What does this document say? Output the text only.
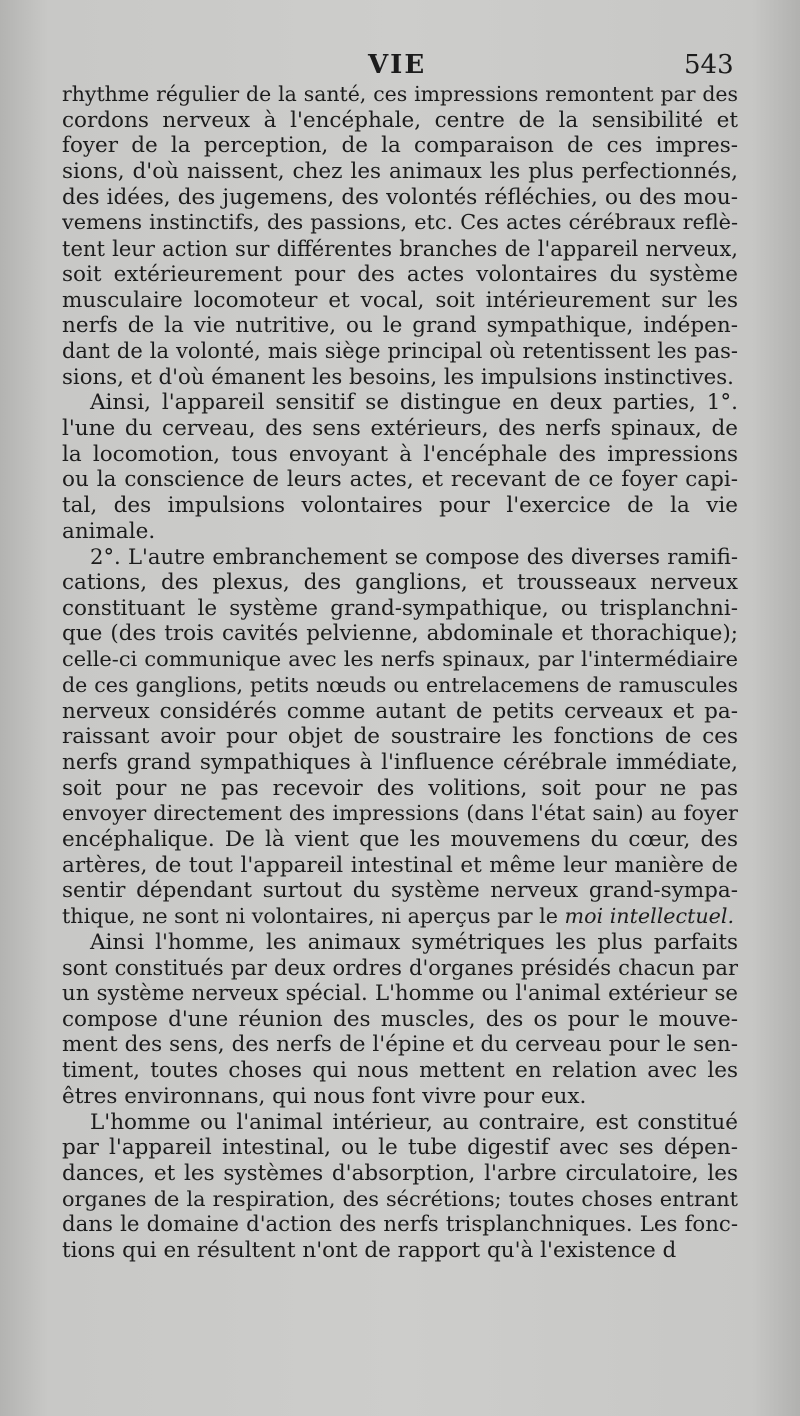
VIE	543
rhythme régulier de la santé, ces impressions remontent par des
cordons nerveux à l'encéphale, centre de la sensibilité et
foyer de la perception, de la comparaison de ces impres-
sions, d'où naissent, chez les animaux les plus perfectionnés,
des idées, des jugemens, des volontés réfléchies, ou des mou-
vemens instinctifs, des passions, etc. Ces actes cérébraux reflè-
tent leur action sur différentes branches de l'appareil nerveux,
soit extérieurement pour des actes volontaires du système
musculaire locomoteur et vocal, soit intérieurement sur les
nerfs de la vie nutritive, ou le grand sympathique, indépen-
dant de la volonté, mais siège principal où retentissent les pas-
sions, et d'où émanent les besoins, les impulsions instinctives.
Ainsi, l'appareil sensitif se distingue en deux parties, 1°.
l'une du cerveau, des sens extérieurs, des nerfs spinaux, de
la locomotion, tous envoyant à l'encéphale des impressions
ou la conscience de leurs actes, et recevant de ce foyer capi-
tal, des impulsions volontaires pour l'exercice de la vie
animale.
2°. L'autre embranchement se compose des diverses ramifi-
cations, des plexus, des ganglions, et trousseaux nerveux
constituant le système grand-sympathique, ou trisplanchni-
que (des trois cavités pelvienne, abdominale et thorachique);
celle-ci communique avec les nerfs spinaux, par l'intermédiaire
de ces ganglions, petits nœuds ou entrelacemens de ramuscules
nerveux considérés comme autant de petits cerveaux et pa-
raissant avoir pour objet de soustraire les fonctions de ces
nerfs grand sympathiques à l'influence cérébrale immédiate,
soit pour ne pas recevoir des volitions, soit pour ne pas
envoyer directement des impressions (dans l'état sain) au foyer
encéphalique. De là vient que les mouvemens du cœur, des
artères, de tout l'appareil intestinal et même leur manière de
sentir dépendant surtout du système nerveux grand-sympa-
thique, ne sont ni volontaires, ni aperçus par le moi intellectuel.
Ainsi l'homme, les animaux symétriques les plus parfaits
sont constitués par deux ordres d'organes présidés chacun par
un système nerveux spécial. L'homme ou l'animal extérieur se
compose d'une réunion des muscles, des os pour le mouve-
ment des sens, des nerfs de l'épine et du cerveau pour le sen-
timent, toutes choses qui nous mettent en relation avec les
êtres environnans, qui nous font vivre pour eux.
L'homme ou l'animal intérieur, au contraire, est constitué
par l'appareil intestinal, ou le tube digestif avec ses dépen-
dances, et les systèmes d'absorption, l'arbre circulatoire, les
organes de la respiration, des sécrétions; toutes choses entrant
dans le domaine d'action des nerfs trisplanchniques. Les fonc-
tions qui en résultent n'ont de rapport qu'à l'existence d
